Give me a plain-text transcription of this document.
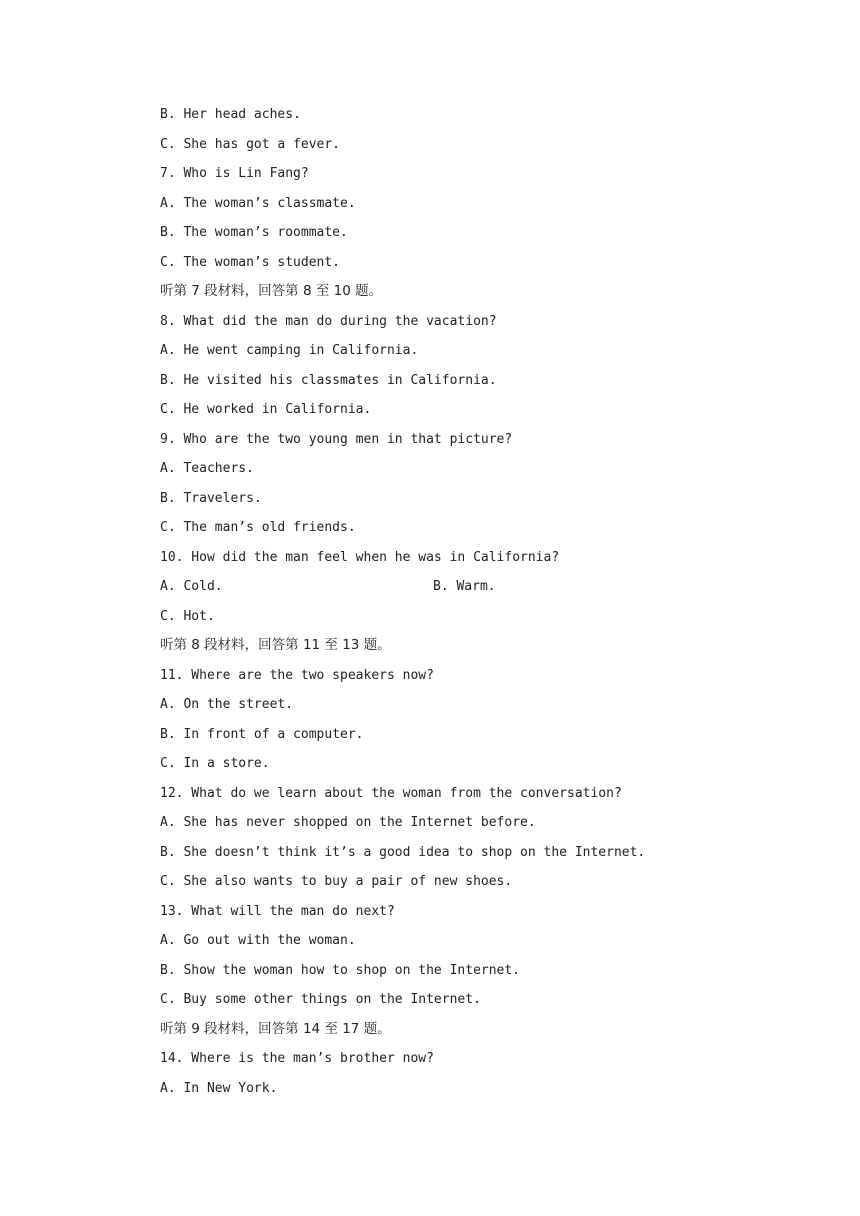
B. Her head aches.
C. She has got a fever.
7. Who is Lin Fang?
A. The woman’s classmate.
B. The woman’s roommate.
C. The woman’s student.
听第 7 段材料，回答第 8 至 10 题。
8. What did the man do during the vacation?
A. He went camping in California.
B. He visited his classmates in California.
C. He worked in California.
9. Who are the two young men in that picture?
A. Teachers.
B. Travelers.
C. The man’s old friends.
10. How did the man feel when he was in California?
A. Cold.	B. Warm.
C. Hot.
听第 8 段材料，回答第 11 至 13 题。
11. Where are the two speakers now?
A. On the street.
B. In front of a computer.
C. In a store.
12. What do we learn about the woman from the conversation?
A. She has never shopped on the Internet before.
B. She doesn’t think it’s a good idea to shop on the Internet.
C. She also wants to buy a pair of new shoes.
13. What will the man do next?
A. Go out with the woman.
B. Show the woman how to shop on the Internet.
C. Buy some other things on the Internet.
听第 9 段材料，回答第 14 至 17 题。
14. Where is the man’s brother now?
A. In New York.
